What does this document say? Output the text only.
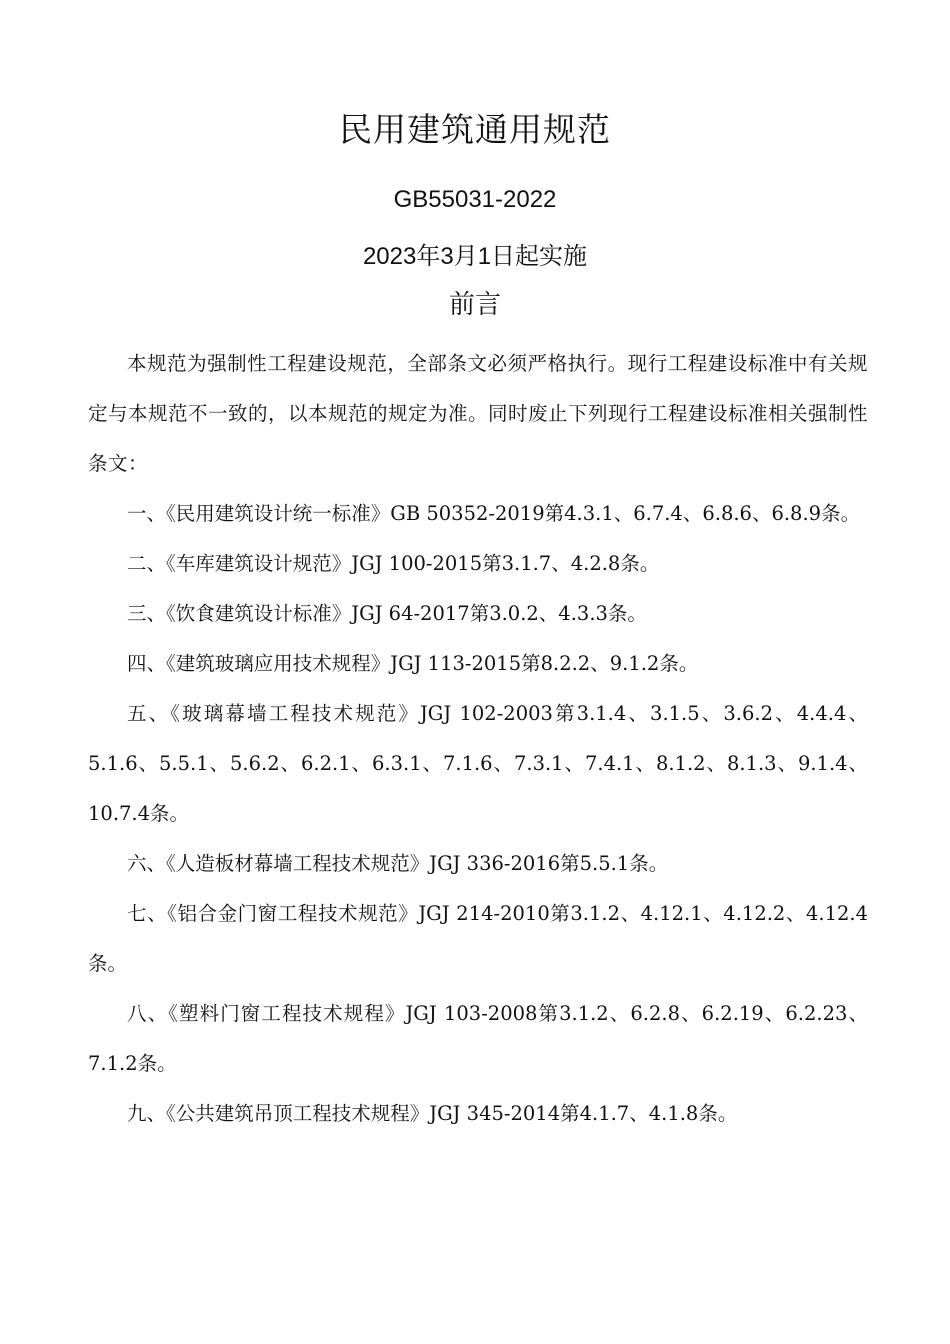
民用建筑通用规范
GB55031-2022
2023年3月1日起实施
前言

本规范为强制性工程建设规范，全部条文必须严格执行。现行工程建设标准中有关规定与本规范不一致的，以本规范的规定为准。同时废止下列现行工程建设标准相关强制性条文：

一、《民用建筑设计统一标准》GB 50352-2019第4.3.1、6.7.4、6.8.6、6.8.9条。

二、《车库建筑设计规范》JGJ 100-2015第3.1.7、4.2.8条。

三、《饮食建筑设计标准》JGJ 64-2017第3.0.2、4.3.3条。

四、《建筑玻璃应用技术规程》JGJ 113-2015第8.2.2、9.1.2条。

五、《玻璃幕墙工程技术规范》JGJ 102-2003第3.1.4、3.1.5、3.6.2、4.4.4、5.1.6、5.5.1、5.6.2、6.2.1、6.3.1、7.1.6、7.3.1、7.4.1、8.1.2、8.1.3、9.1.4、10.7.4条。

六、《人造板材幕墙工程技术规范》JGJ 336-2016第5.5.1条。

七、《铝合金门窗工程技术规范》JGJ 214-2010第3.1.2、4.12.1、4.12.2、4.12.4条。

八、《塑料门窗工程技术规程》JGJ 103-2008第3.1.2、6.2.8、6.2.19、6.2.23、7.1.2条。

九、《公共建筑吊顶工程技术规程》JGJ 345-2014第4.1.7、4.1.8条。
